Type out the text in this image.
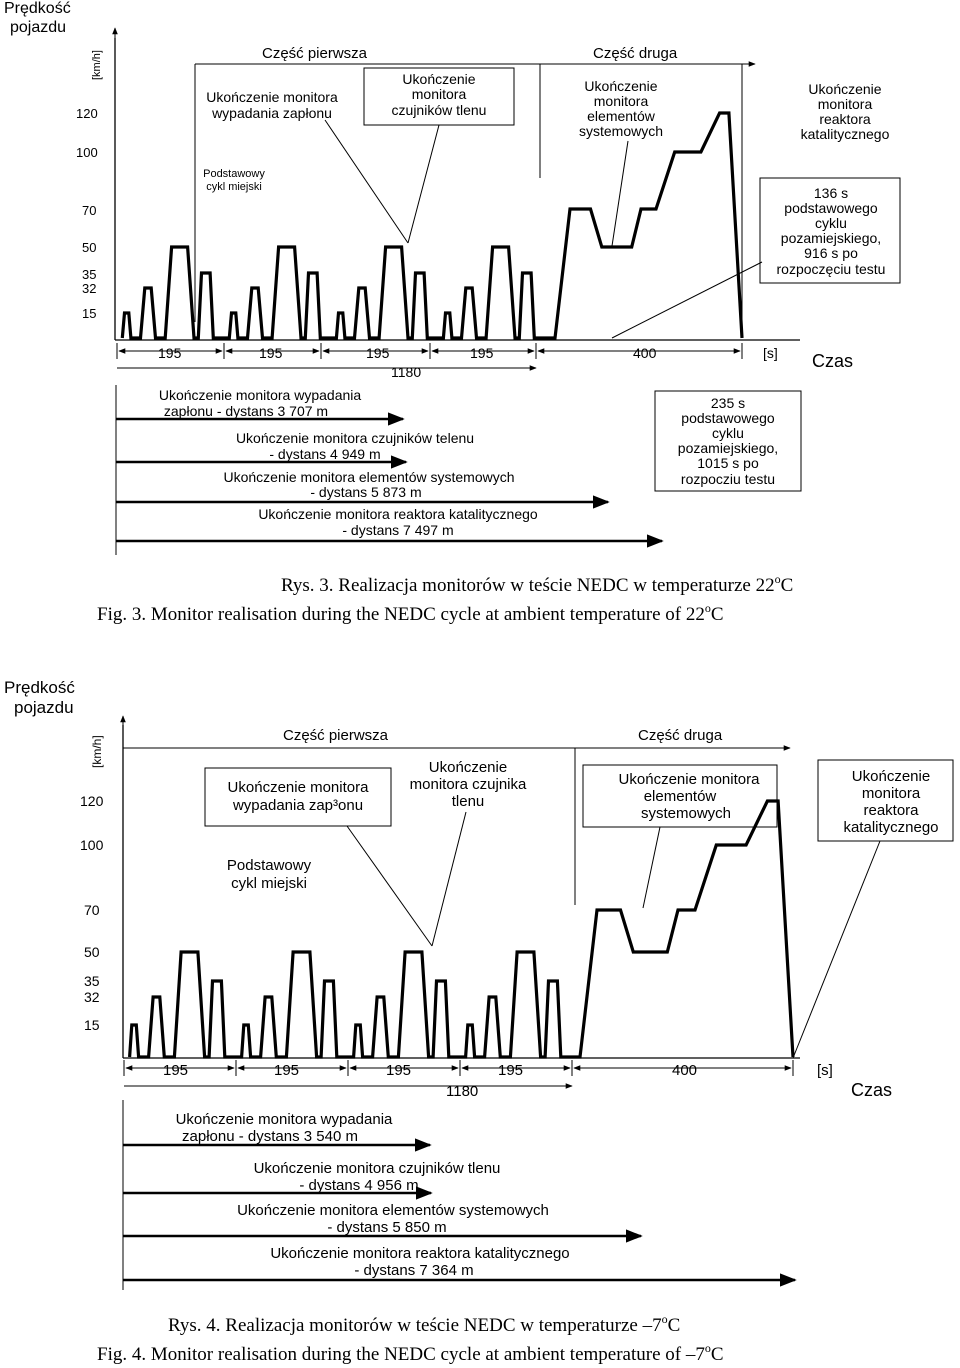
Prędkość
pojazdu
[km/h]
120
100
70
50
35
32
15
Część pierwsza	Część druga
Ukończenie monitora
wypadania zapłonu
Ukończenie
monitora
czujników tlenu
Ukończenie
monitora
elementów
systemowych
Ukończenie
monitora
reaktora
katalitycznego
Podstawowy
cykl miejski	136 s
podstawowego
cyklu
pozamiejskiego,
916 s po
rozpoczęciu testu
195	195	195	195	400
1180
[s] Czas
Ukończenie monitora wypadania
zapłonu - dystans 3 707 m
Ukończenie monitora czujników telenu
- dystans 4 949 m
Ukończenie monitora elementów systemowych
- dystans 5 873 m
Ukończenie monitora reaktora katalitycznego
- dystans 7 497 m
235 s
podstawowego
cyklu
pozamiejskiego,
1015 s po
rozpocziu testu
Rys. 3. Realizacja monitorów w teście NEDC w temperaturze 22$^o$C
Fig. 3. Monitor realisation during the NEDC cycle at ambient temperature of 22$^o$C
Prędkość
pojazdu
[km/h]
120
100
70
50
35
32
15
Część pierwsza	Część druga
Ukończenie monitora
wypadania zap³onu
Ukończenie
monitora czujnika
tlenu
Ukończenie monitora
elementów
systemowych
Ukończenie
monitora
reaktora
katalitycznego
Podstawowy
cykl miejski
195	195	195	195	400
1180
[s]
Czas
Ukończenie monitora wypadania
zapłonu - dystans 3 540 m
Ukończenie monitora czujników tlenu
- dystans 4 956 m
Ukończenie monitora elementów systemowych
- dystans 5 850 m
Ukończenie monitora reaktora katalitycznego
- dystans 7 364 m
Rys. 4. Realizacja monitorów w teście NEDC w temperaturze –7$^o$C
Fig. 4. Monitor realisation during the NEDC cycle at ambient temperature of –7$^o$C
